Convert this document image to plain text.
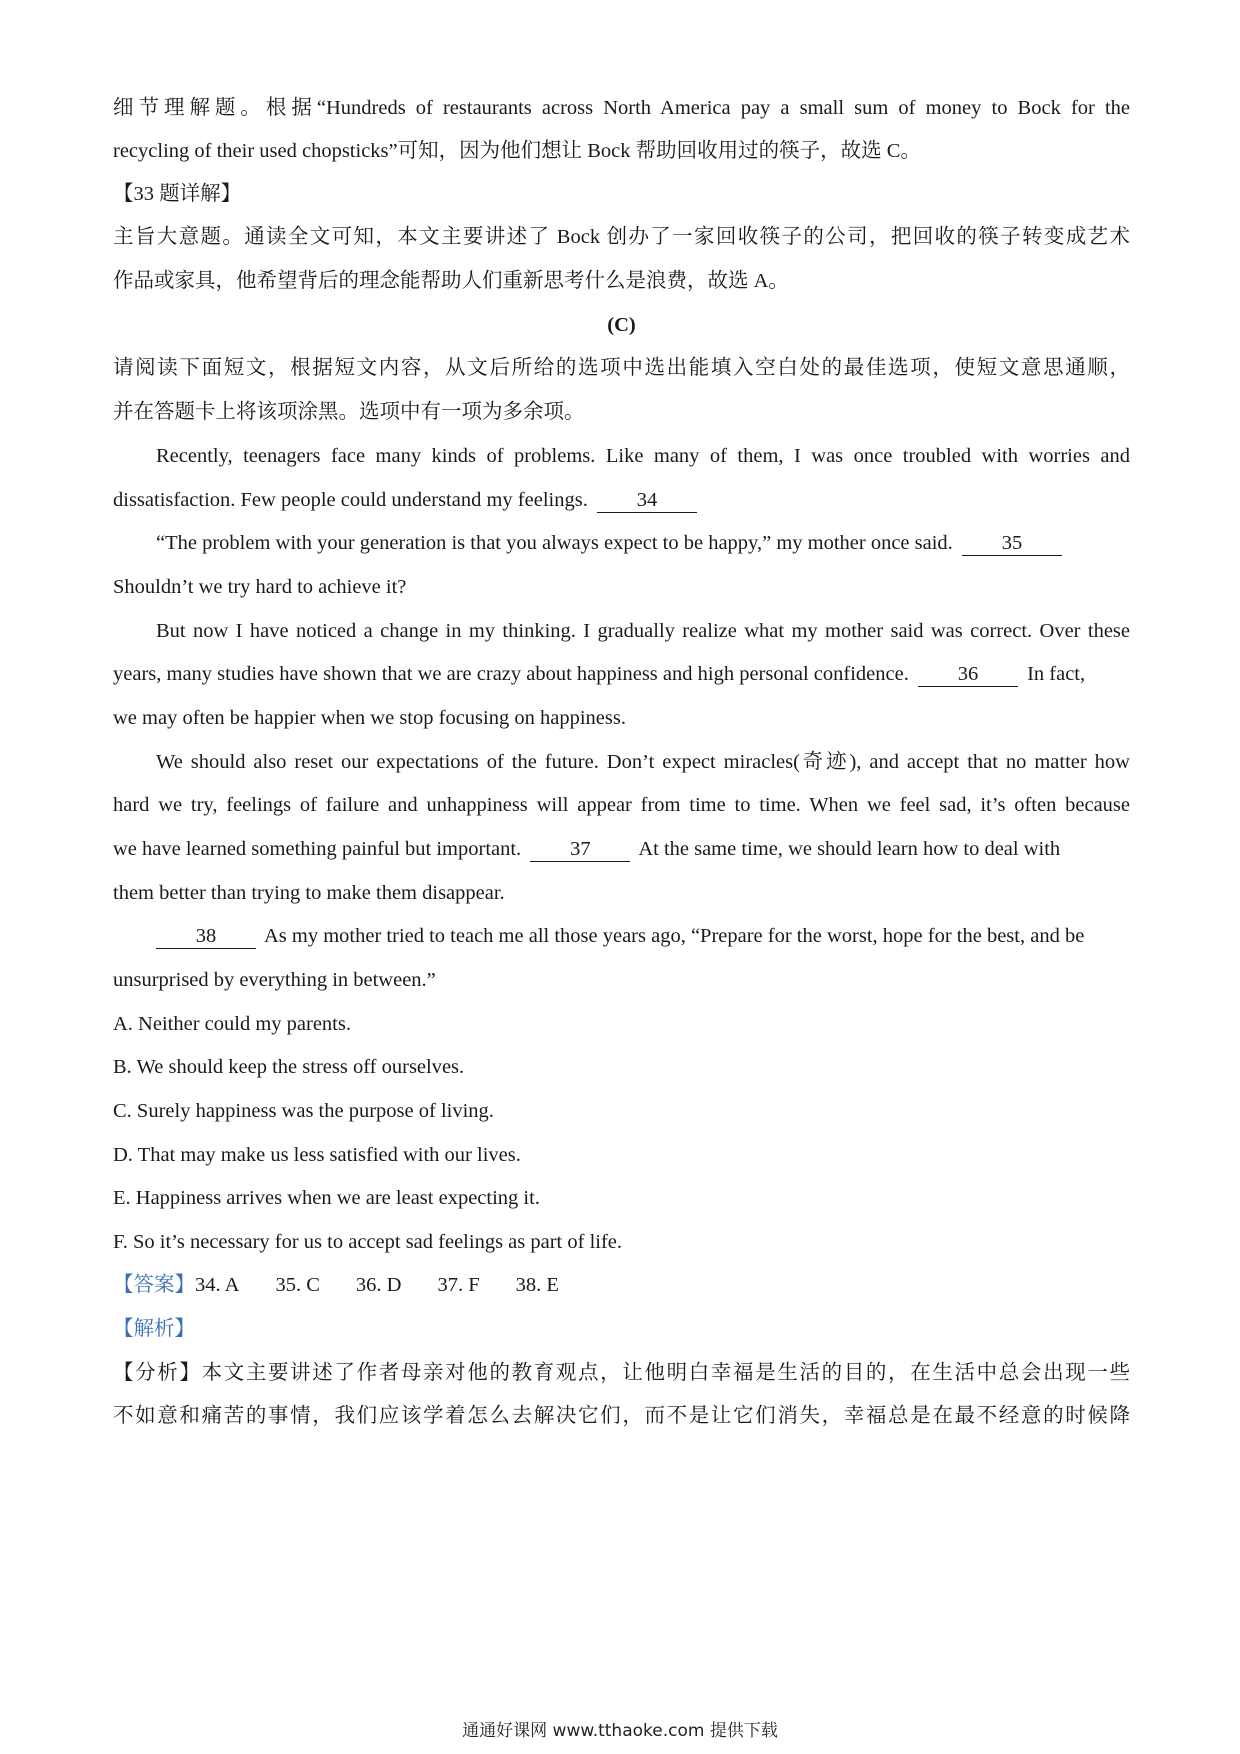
细节理解题。根据“Hundreds of restaurants across North America pay a small sum of money to Bock for the
recycling of their used chopsticks”可知，因为他们想让 Bock 帮助回收用过的筷子，故选 C。
【33 题详解】
主旨大意题。通读全文可知，本文主要讲述了 Bock 创办了一家回收筷子的公司，把回收的筷子转变成艺术
作品或家具，他希望背后的理念能帮助人们重新思考什么是浪费，故选 A。
(C)
请阅读下面短文，根据短文内容，从文后所给的选项中选出能填入空白处的最佳选项，使短文意思通顺，
并在答题卡上将该项涂黑。选项中有一项为多余项。
Recently, teenagers face many kinds of problems. Like many of them, I was once troubled with worries and
dissatisfaction. Few people could understand my feelings. 34
“The problem with your generation is that you always expect to be happy,” my mother once said. 35
Shouldn’t we try hard to achieve it?
But now I have noticed a change in my thinking. I gradually realize what my mother said was correct. Over these
years, many studies have shown that we are crazy about happiness and high personal confidence. 36 In fact,
we may often be happier when we stop focusing on happiness.
We should also reset our expectations of the future. Don’t expect miracles(奇迹), and accept that no matter how
hard we try, feelings of failure and unhappiness will appear from time to time. When we feel sad, it’s often because
we have learned something painful but important. 37 At the same time, we should learn how to deal with
them better than trying to make them disappear.
38 As my mother tried to teach me all those years ago, “Prepare for the worst, hope for the best, and be
unsurprised by everything in between.”
A. Neither could my parents.
B. We should keep the stress off ourselves.
C. Surely happiness was the purpose of living.
D. That may make us less satisfied with our lives.
E. Happiness arrives when we are least expecting it.
F. So it’s necessary for us to accept sad feelings as part of life.
【答案】34. A 35. C 36. D 37. F 38. E
【解析】
【分析】本文主要讲述了作者母亲对他的教育观点，让他明白幸福是生活的目的，在生活中总会出现一些
不如意和痛苦的事情，我们应该学着怎么去解决它们，而不是让它们消失，幸福总是在最不经意的时候降
通通好课网 www.tthaoke.com 提供下载
